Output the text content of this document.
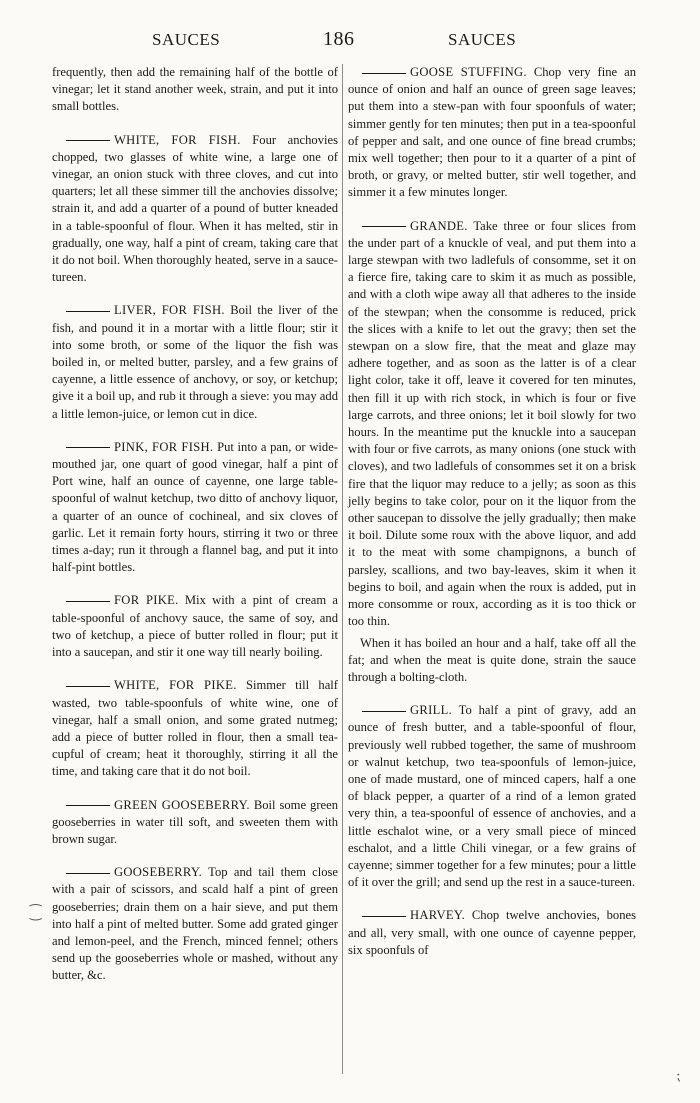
SAUCES	186	SAUCES

frequently, then add the remaining half of the bottle of vinegar; let it stand another week, strain, and put it into small bottles.

WHITE, FOR FISH. Four anchovies chopped, two glasses of white wine, a large one of vinegar, an onion stuck with three cloves, and cut into quarters; let all these simmer till the anchovies dissolve; strain it, and add a quarter of a pound of butter kneaded in a table-spoonful of flour. When it has melted, stir in gradually, one way, half a pint of cream, taking care that it do not boil. When thoroughly heated, serve in a sauce-tureen.

LIVER, FOR FISH. Boil the liver of the fish, and pound it in a mortar with a little flour; stir it into some broth, or some of the liquor the fish was boiled in, or melted butter, parsley, and a few grains of cayenne, a little essence of anchovy, or soy, or ketchup; give it a boil up, and rub it through a sieve: you may add a little lemon-juice, or lemon cut in dice.

PINK, FOR FISH. Put into a pan, or wide-mouthed jar, one quart of good vinegar, half a pint of Port wine, half an ounce of cayenne, one large table-spoonful of walnut ketchup, two ditto of anchovy liquor, a quarter of an ounce of cochineal, and six cloves of garlic. Let it remain forty hours, stirring it two or three times a-day; run it through a flannel bag, and put it into half-pint bottles.

FOR PIKE. Mix with a pint of cream a table-spoonful of anchovy sauce, the same of soy, and two of ketchup, a piece of butter rolled in flour; put it into a saucepan, and stir it one way till nearly boiling.

WHITE, FOR PIKE. Simmer till half wasted, two table-spoonfuls of white wine, one of vinegar, half a small onion, and some grated nutmeg; add a piece of butter rolled in flour, then a small tea-cupful of cream; heat it thoroughly, stirring it all the time, and taking care that it do not boil.

GREEN GOOSEBERRY. Boil some green gooseberries in water till soft, and sweeten them with brown sugar.

GOOSEBERRY. Top and tail them close with a pair of scissors, and scald half a pint of green gooseberries; drain them on a hair sieve, and put them into half a pint of melted butter. Some add grated ginger and lemon-peel, and the French, minced fennel; others send up the gooseberries whole or mashed, without any butter, &c.

GOOSE STUFFING. Chop very fine an ounce of onion and half an ounce of green sage leaves; put them into a stew-pan with four spoonfuls of water; simmer gently for ten minutes; then put in a tea-spoonful of pepper and salt, and one ounce of fine bread crumbs; mix well together; then pour to it a quarter of a pint of broth, or gravy, or melted butter, stir well together, and simmer it a few minutes longer.

GRANDE. Take three or four slices from the under part of a knuckle of veal, and put them into a large stewpan with two ladlefuls of consomme, set it on a fierce fire, taking care to skim it as much as possible, and with a cloth wipe away all that adheres to the inside of the stewpan; when the consomme is reduced, prick the slices with a knife to let out the gravy; then set the stewpan on a slow fire, that the meat and glaze may adhere together, and as soon as the latter is of a clear light color, take it off, leave it covered for ten minutes, then fill it up with rich stock, in which is four or five large carrots, and three onions; let it boil slowly for two hours. In the meantime put the knuckle into a saucepan with four or five carrots, as many onions (one stuck with cloves), and two ladlefuls of consommes set it on a brisk fire that the liquor may reduce to a jelly; as soon as this jelly begins to take color, pour on it the liquor from the other saucepan to dissolve the jelly gradually; then make it boil. Dilute some roux with the above liquor, and add it to the meat with some champignons, a bunch of parsley, scallions, and two bay-leaves, skim it when it begins to boil, and again when the roux is added, put in more consomme or roux, according as it is too thick or too thin.

When it has boiled an hour and a half, take off all the fat; and when the meat is quite done, strain the sauce through a bolting-cloth.

GRILL. To half a pint of gravy, add an ounce of fresh butter, and a table-spoonful of flour, previously well rubbed together, the same of mushroom or walnut ketchup, two tea-spoonfuls of lemon-juice, one of made mustard, one of minced capers, half a one of black pepper, a quarter of a rind of a lemon grated very thin, a tea-spoonful of essence of anchovies, and a little eschalot wine, or a very small piece of minced eschalot, and a little Chili vinegar, or a few grains of cayenne; simmer together for a few minutes; pour a little of it over the grill; and send up the rest in a sauce-tureen.

HARVEY. Chop twelve anchovies, bones and all, very small, with one ounce of cayenne pepper, six spoonfuls of

⁐
⁏
